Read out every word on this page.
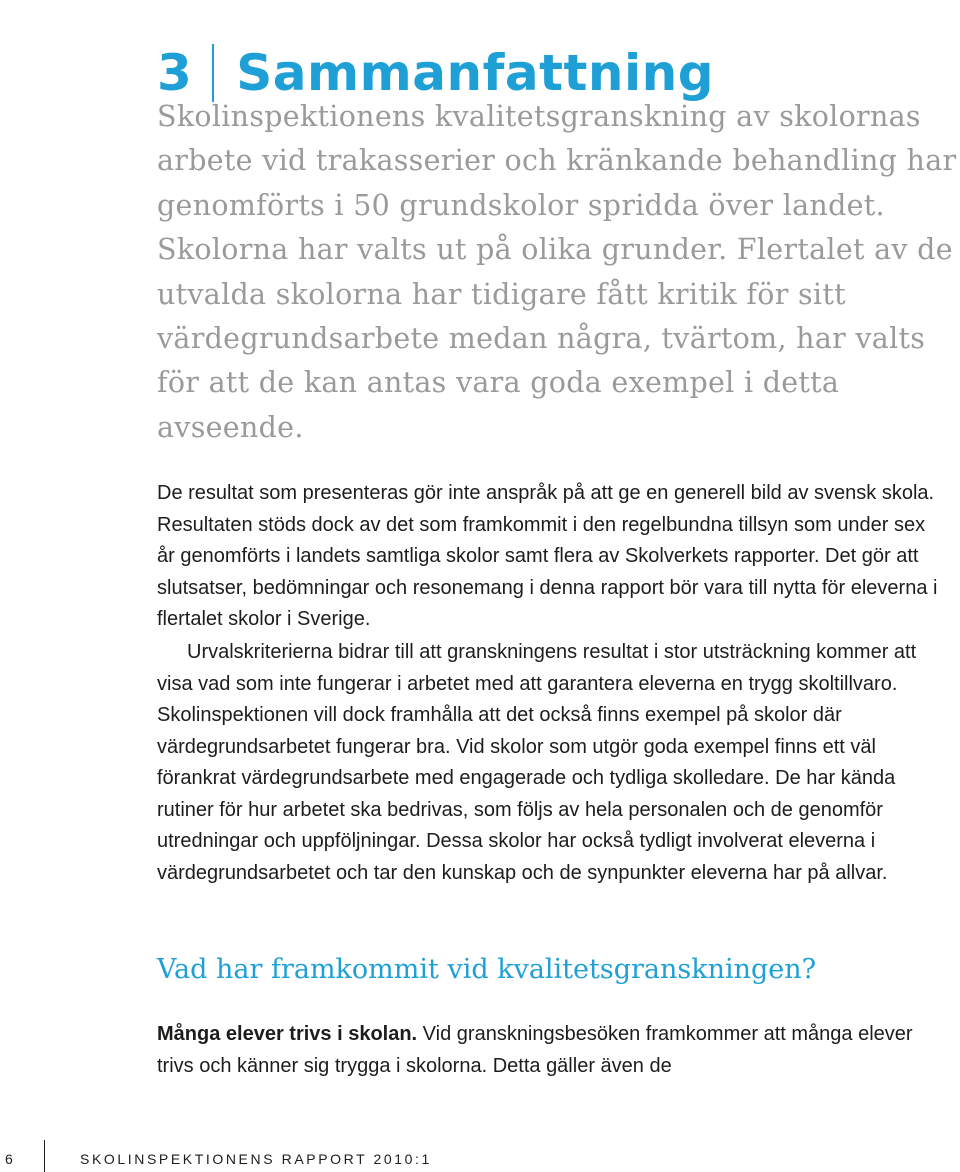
3 Sammanfattning

Skolinspektionens kvalitetsgranskning av skolornas arbete vid trakasserier och kränkande behandling har genomförts i 50 grundskolor spridda över landet. Skolorna har valts ut på olika grunder. Flertalet av de utvalda skolorna har tidigare fått kritik för sitt värdegrundsarbete medan några, tvärtom, har valts för att de kan antas vara goda exempel i detta avseende.

De resultat som presenteras gör inte anspråk på att ge en generell bild av svensk skola. Resultaten stöds dock av det som framkommit i den regelbundna tillsyn som under sex år genomförts i landets samtliga skolor samt flera av Skolverkets rapporter. Det gör att slutsatser, bedömningar och resonemang i denna rapport bör vara till nytta för eleverna i flertalet skolor i Sverige.

Urvalskriterierna bidrar till att granskningens resultat i stor utsträckning kommer att visa vad som inte fungerar i arbetet med att garantera eleverna en trygg skoltillvaro. Skolinspektionen vill dock framhålla att det också finns exempel på skolor där värdegrundsarbetet fungerar bra. Vid skolor som utgör goda exempel finns ett väl förankrat värdegrundsarbete med engagerade och tydliga skolledare. De har kända rutiner för hur arbetet ska bedrivas, som följs av hela personalen och de genomför utredningar och uppföljningar. Dessa skolor har också tydligt involverat eleverna i värdegrundsarbetet och tar den kunskap och de synpunkter eleverna har på allvar.

Vad har framkommit vid kvalitetsgranskningen?

Många elever trivs i skolan. Vid granskningsbesöken framkommer att många elever trivs och känner sig trygga i skolorna. Detta gäller även de

6	SKOLINSPEKTIONENS RAPPORT 2010:1
